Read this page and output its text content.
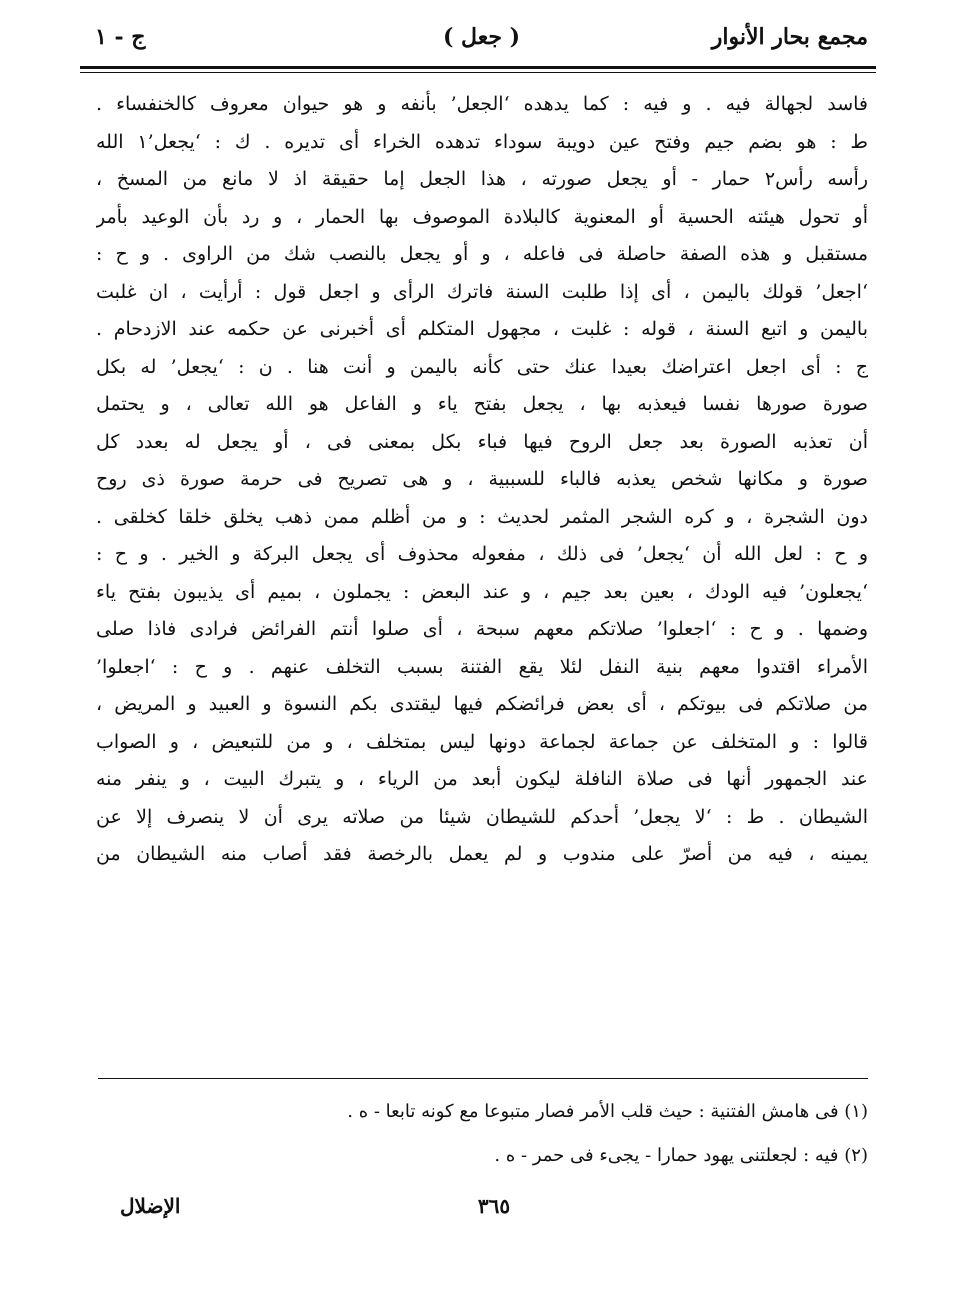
مجمع بحار الأنوار
( جعل )
ج - ١
فاسد لجهالة فيه . و فيه : كما يدهده ‘الجعل’ بأنفه و هو حيوان معروف كالخنفساء .
ط : هو بضم جيم وفتح عين دويبة سوداء تدهده الخراء أى تديره . ك : ‘يجعل’١ الله
رأسه رأس٢ حمار - أو يجعل صورته ، هذا الجعل إما حقيقة اذ لا مانع من المسخ ،
أو تحول هيئته الحسية أو المعنوية كالبلادة الموصوف بها الحمار ، و رد بأن الوعيد بأمر
مستقبل و هذه الصفة حاصلة فى فاعله ، و أو يجعل بالنصب شك من الراوى . و ح :
‘اجعل’ قولك باليمن ، أى إذا طلبت السنة فاترك الرأى و اجعل قول : أرأيت ، ان غلبت
باليمن و اتبع السنة ، قوله : غلبت ، مجهول المتكلم أى أخبرنى عن حكمه عند الازدحام .
ج : أى اجعل اعتراضك بعيدا عنك حتى كأنه باليمن و أنت هنا . ن : ‘يجعل’ له بكل
صورة صورها نفسا فيعذبه بها ، يجعل بفتح ياء و الفاعل هو الله تعالى ، و يحتمل
أن تعذبه الصورة بعد جعل الروح فيها فباء بكل بمعنى فى ، أو يجعل له بعدد كل
صورة و مكانها شخص يعذبه فالباء للسببية ، و هى تصريح فى حرمة صورة ذى روح
دون الشجرة ، و كره الشجر المثمر لحديث : و من أظلم ممن ذهب يخلق خلقا كخلقى .
و ح : لعل الله أن ‘يجعل’ فى ذلك ، مفعوله محذوف أى يجعل البركة و الخير . و ح :
‘يجعلون’ فيه الودك ، بعين بعد جيم ، و عند البعض : يجملون ، بميم أى يذيبون بفتح ياء
وضمها . و ح : ‘اجعلوا’ صلاتكم معهم سبحة ، أى صلوا أنتم الفرائض فرادى فاذا صلى
الأمراء اقتدوا معهم بنية النفل لئلا يقع الفتنة بسبب التخلف عنهم . و ح : ‘اجعلوا’
من صلاتكم فى بيوتكم ، أى بعض فرائضكم فيها ليقتدى بكم النسوة و العبيد و المريض ،
قالوا : و المتخلف عن جماعة لجماعة دونها ليس بمتخلف ، و من للتبعيض ، و الصواب
عند الجمهور أنها فى صلاة النافلة ليكون أبعد من الرياء ، و يتبرك البيت ، و ينفر منه
الشيطان . ط : ‘لا يجعل’ أحدكم للشيطان شيئا من صلاته يرى أن لا ينصرف إلا عن
يمينه ، فيه من أصرّ على مندوب و لم يعمل بالرخصة فقد أصاب منه الشيطان من
(١) فى هامش الفتنية : حيث قلب الأمر فصار متبوعا مع كونه تابعا - ه .
(٢) فيه : لجعلتنى يهود حمارا - يجىء فى حمر - ه .
٣٦٥
الإضلال
